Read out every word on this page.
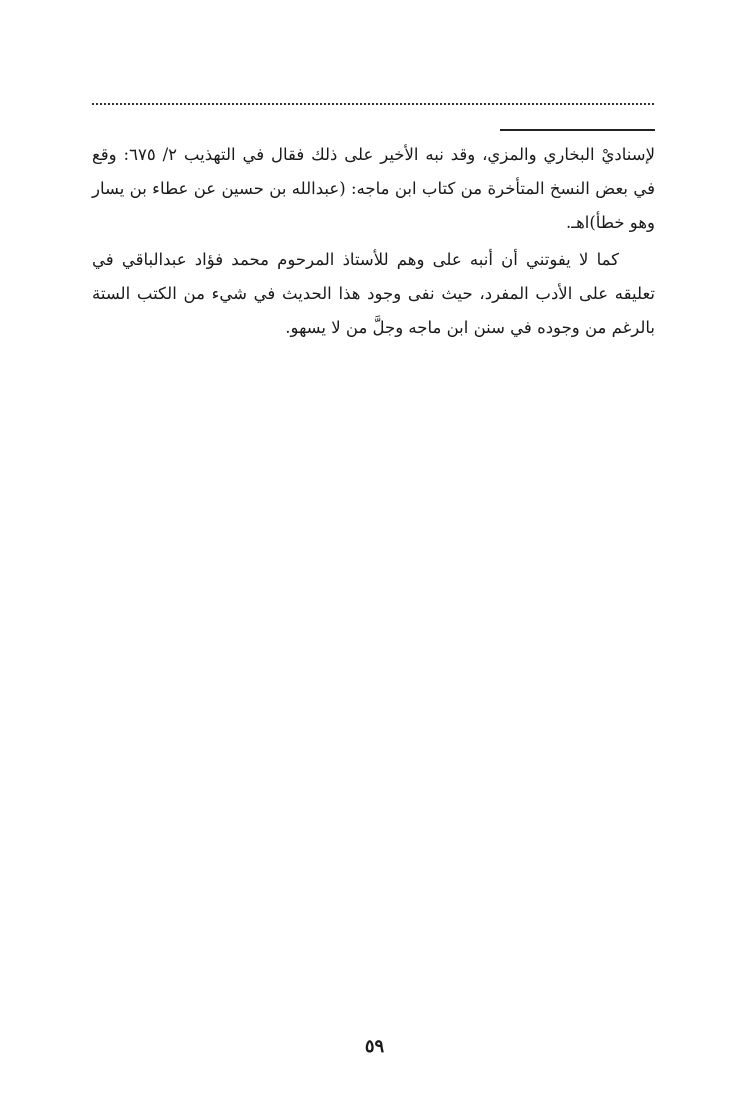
لإسناديْ البخاري والمزي، وقد نبه الأخير على ذلك فقال في التهذيب ٢/ ٦٧٥: وقع في بعض النسخ المتأخرة من كتاب ابن ماجه: (عبدالله بن حسين عن عطاء بن يسار وهو خطأ)اهـ.

كما لا يفوتني أن أنبه على وهم للأستاذ المرحوم محمد فؤاد عبدالباقي في تعليقه على الأدب المفرد، حيث نفى وجود هذا الحديث في شيء من الكتب الستة بالرغم من وجوده في سنن ابن ماجه وجلَّ من لا يسهو.

٥٩
